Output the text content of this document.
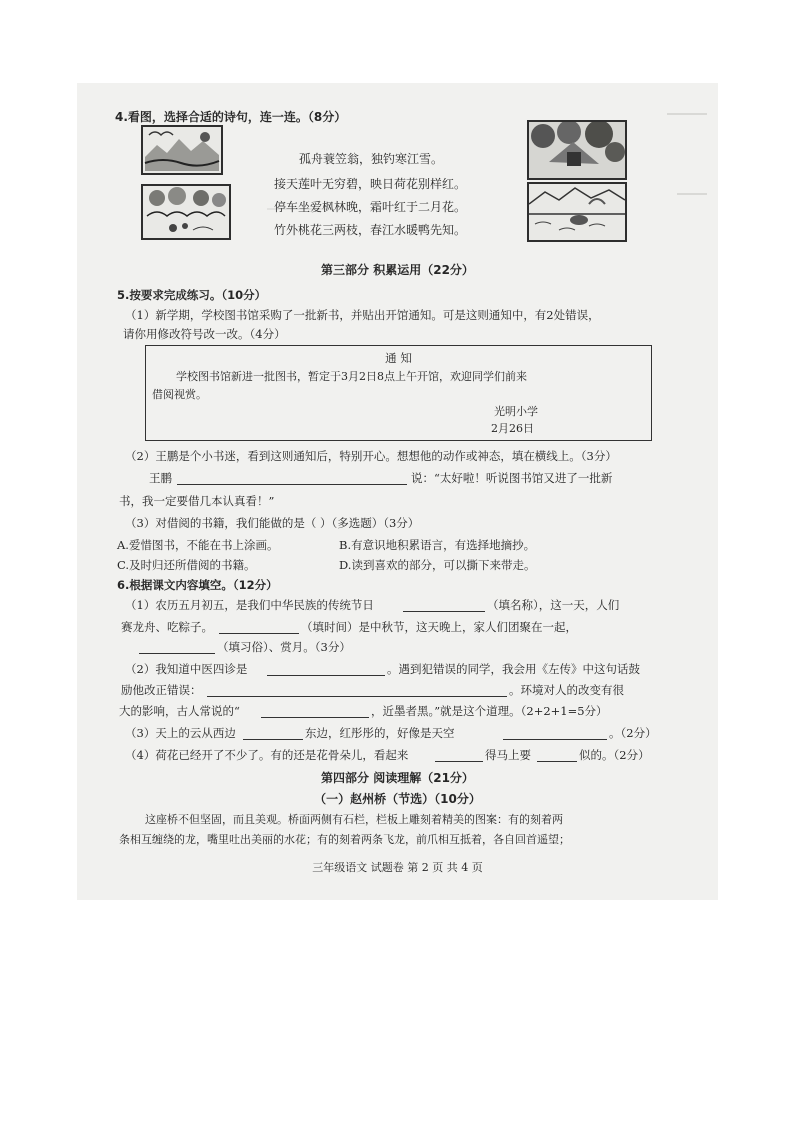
4.看图，选择合适的诗句，连一连。（8分）
孤舟蓑笠翁，独钓寒江雪。
接天莲叶无穷碧，映日荷花别样红。
停车坐爱枫林晚，霜叶红于二月花。
竹外桃花三两枝，春江水暖鸭先知。
第三部分 积累运用（22分）
5.按要求完成练习。（10分）
（1）新学期，学校图书馆采购了一批新书，并贴出开馆通知。可是这则通知中，有2处错误，
请你用修改符号改一改。（4分）
通 知
学校图书馆新进一批图书，暂定于3月2日8点上午开馆，欢迎同学们前来
借阅视赏。
光明小学
2月26日
（2）王鹏是个小书迷，看到这则通知后，特别开心。想想他的动作或神态，填在横线上。（3分）
王鹏	说：“太好啦！听说图书馆又进了一批新
书，我一定要借几本认真看！”
（3）对借阅的书籍，我们能做的是（ ）（多选题）（3分）
A.爱惜图书，不能在书上涂画。	B.有意识地积累语言，有选择地摘抄。
C.及时归还所借阅的书籍。	D.读到喜欢的部分，可以撕下来带走。
6.根据课文内容填空。（12分）
（1）农历五月初五，是我们中华民族的传统节日	（填名称），这一天，人们
赛龙舟、吃粽子。	（填时间）是中秋节，这天晚上，家人们团聚在一起，
（填习俗）、赏月。（3分）
（2）我知道中医四诊是	。遇到犯错误的同学，我会用《左传》中这句话鼓
励他改正错误：	。环境对人的改变有很
大的影响，古人常说的“	，近墨者黑。”就是这个道理。（2+2+1=5分）
（3）天上的云从西边	东边，红彤彤的，好像是天空	。（2分）
（4）荷花已经开了不少了。有的还是花骨朵儿，看起来	得马上要	似的。（2分）
第四部分 阅读理解（21分）
（一）赵州桥（节选）（10分）
这座桥不但坚固，而且美观。桥面两侧有石栏，栏板上雕刻着精美的图案：有的刻着两
条相互缠绕的龙，嘴里吐出美丽的水花；有的刻着两条飞龙，前爪相互抵着，各自回首遥望；
三年级语文 试题卷 第 2 页 共 4 页
